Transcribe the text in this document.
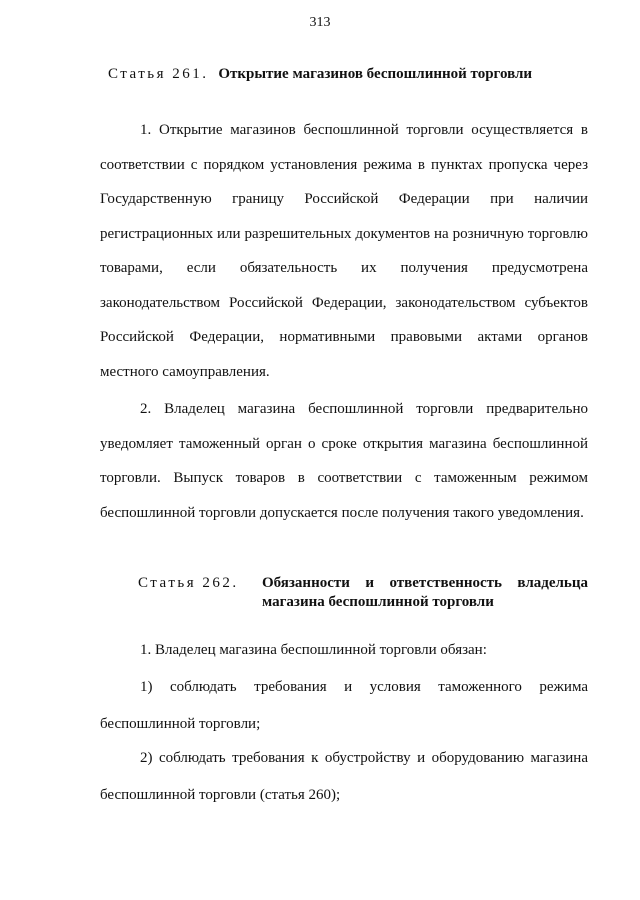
313
Статья 261. Открытие магазинов беспошлинной торговли

1. Открытие магазинов беспошлинной торговли осуществляется в соответствии с порядком установления режима в пунктах пропуска через Государственную границу Российской Федерации при наличии регистрационных или разрешительных документов на розничную торговлю товарами, если обязательность их получения предусмотрена законодательством Российской Федерации, законодательством субъектов Российской Федерации, нормативными правовыми актами органов местного самоуправления.

2. Владелец магазина беспошлинной торговли предварительно уведомляет таможенный орган о сроке открытия магазина беспошлинной торговли. Выпуск товаров в соответствии с таможенным режимом беспошлинной торговли допускается после получения такого уведомления.

Статья 262.	Обязанности и ответственность владельца магазина беспошлинной торговли

1. Владелец магазина беспошлинной торговли обязан:

1) соблюдать требования и условия таможенного режима беспошлинной торговли;

2) соблюдать требования к обустройству и оборудованию магазина беспошлинной торговли (статья 260);
